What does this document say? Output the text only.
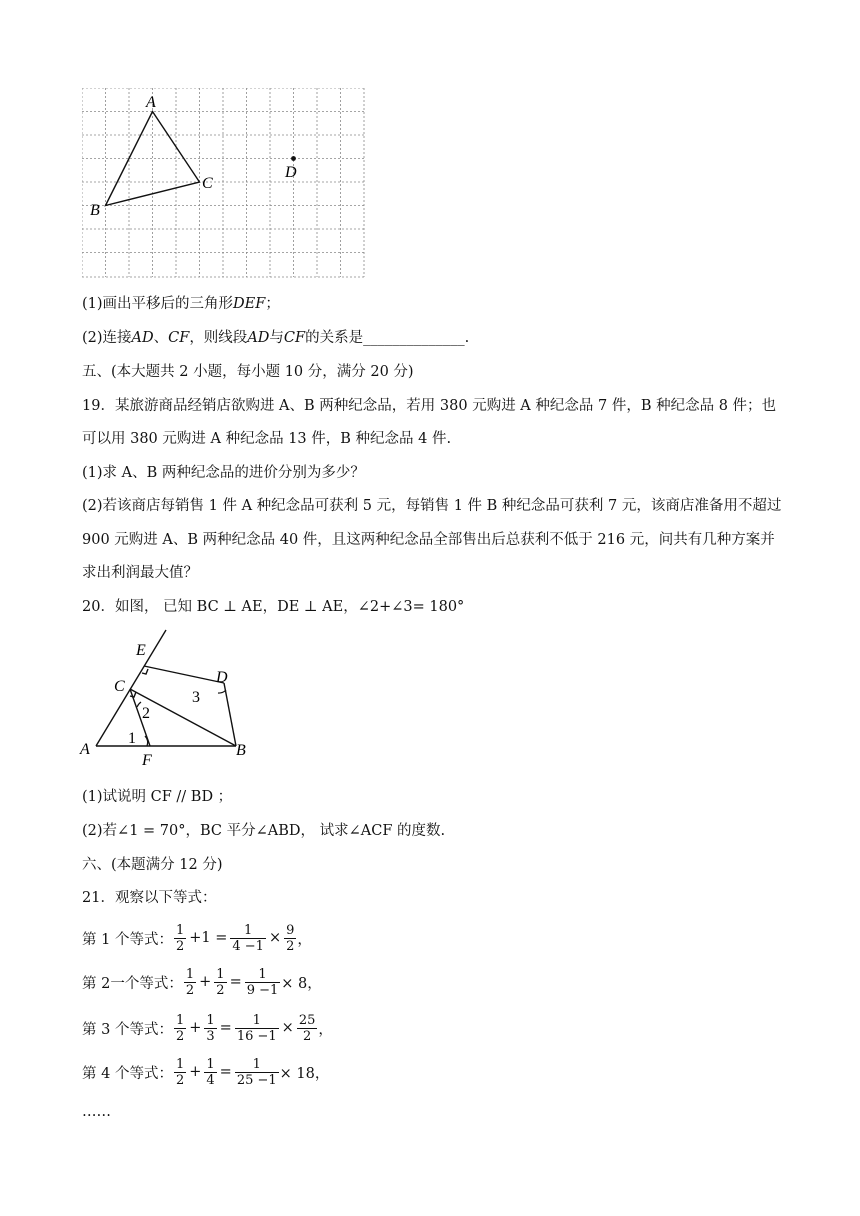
A
B
C
D
(1)画出平移后的三角形DEF；
(2)连接AD、CF，则线段AD与CF的关系是______________.
五、(本大题共 2 小题，每小题 10 分，满分 20 分)
19．某旅游商品经销店欲购进 A、B 两种纪念品，若用 380 元购进 A 种纪念品 7 件，B 种纪念品 8 件；也
可以用 380 元购进 A 种纪念品 13 件，B 种纪念品 4 件.
(1)求 A、B 两种纪念品的进价分别为多少？
(2)若该商店每销售 1 件 A 种纪念品可获利 5 元，每销售 1 件 B 种纪念品可获利 7 元，该商店准备用不超过
900 元购进 A、B 两种纪念品 40 件，且这两种纪念品全部售出后总获利不低于 216 元，问共有几种方案并
求出利润最大值？
20．如图， 已知 BC ⊥ AE，DE ⊥ AE，∠2+∠3= 180°
E
D
C
3
2
1
A	B
F
(1)试说明 CF // BD ；
(2)若∠1 = 70°，BC 平分∠ABD， 试求∠ACF 的度数.
六、(本题满分 12 分)
21．观察以下等式：
第 1 个等式： $\frac{1}{2} +1 = \frac{1}{4 -1} \times \frac{9}{2}$ ，
第 2一个等式： $\frac{1}{2} + \frac{1}{2} = \frac{1}{9 -1} \times 8$，
第 3 个等式： $\frac{1}{2} + \frac{1}{3} = \frac{1}{16 -1} \times \frac{25}{2}$ ，
第 4 个等式： $\frac{1}{2} + \frac{1}{4} = \frac{1}{25 -1} \times 18$，
……
